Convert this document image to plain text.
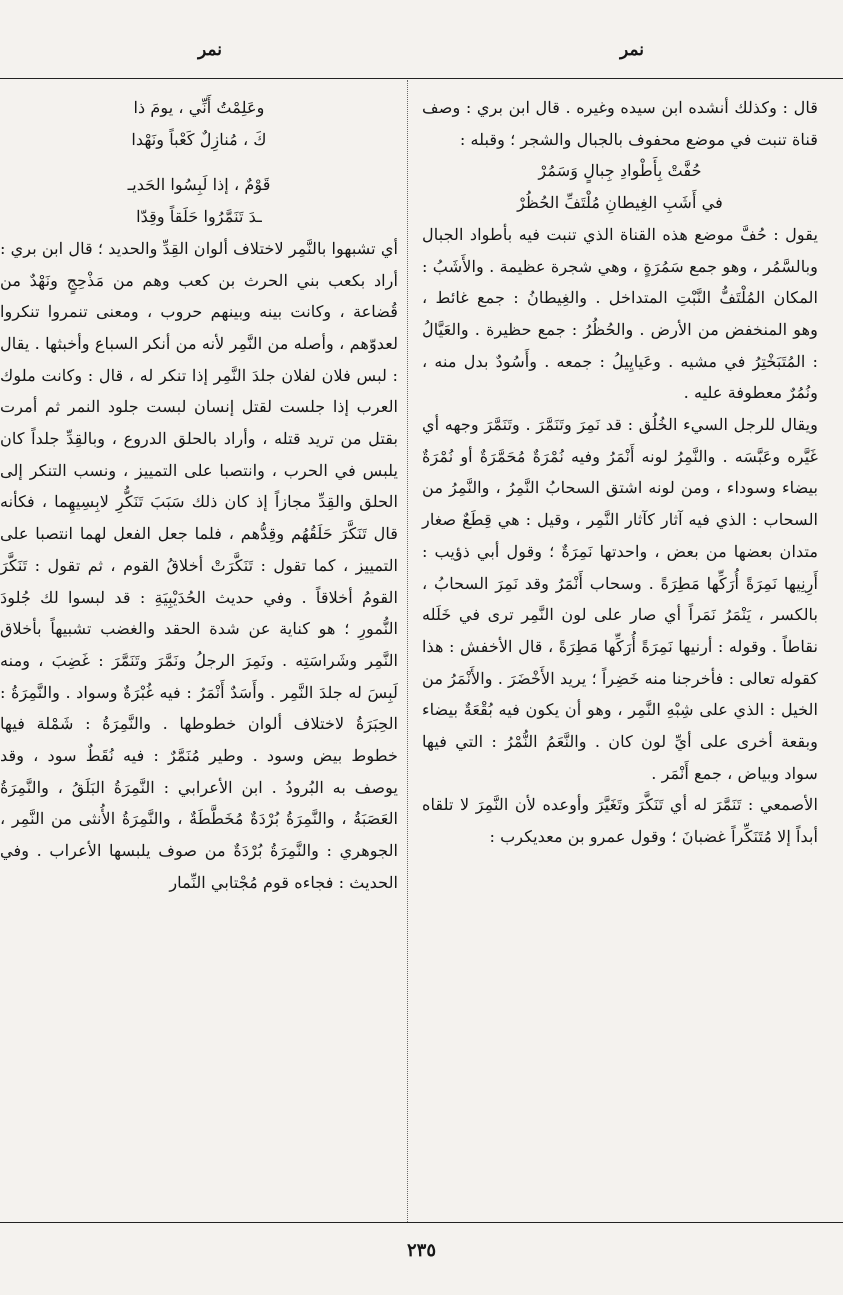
نمر	نمر

قال : وكذلك أنشده ابن سيده وغيره . قال ابن بري : وصف قناة تنبت في موضع محفوف بالجبال والشجر ؛ وقبله :

حُفَّتْ بِأَطْوادِ جِبالٍ وَسَمُرْ

في أَشَبِ الغِيطانِ مُلْتَفِّ الحُظُرْ

يقول : حُفَّ موضع هذه القناة الذي تنبت فيه بأطواد الجبال وبالسَّمُر ، وهو جمع سَمُرَةٍ ، وهي شجرة عظيمة . والأَشَبُ : المكان المُلْتَفُّ النَّبْتِ المتداخل . والغِيطانُ : جمع غائط ، وهو المنخفض من الأرض . والحُظُرُ : جمع حظيرة . والعَيَّالُ : المُتَبَخْتِرُ في مشيه . وعَيايِيلُ : جمعه . وأَسُودٌ بدل منه ، ونُمُرٌ معطوفة عليه .

ويقال للرجل السيء الخُلُق : قد نَمِرَ وتَنَمَّرَ . وتَنَمَّرَ وجهه أي غَيَّره وعَبَّسَه . والنَّمِرُ لونه أَنْمَرُ وفيه نُمْرَةٌ مُحَمَّرَةٌ أو نُمْرَةٌ بيضاء وسوداء ، ومن لونه اشتق السحابُ النَّمِرُ ، والنَّمِرُ من السحاب : الذي فيه آثار كآثار النَّمِر ، وقيل : هي قِطَعٌ صغار متدان بعضها من بعض ، واحدتها نَمِرَةٌ ؛ وقول أبي ذؤيب : أَرِنِيها نَمِرَةً أُرَكِّها مَطِرَةً . وسحاب أَنْمَرُ وقد نَمِرَ السحابُ ، بالكسر ، يَنْمَرُ نَمَراً أي صار على لون النَّمِر ترى في خَلَله نقاطاً . وقوله : أرنيها نَمِرَةً أُرَكِّها مَطِرَةً ، قال الأخفش : هذا كقوله تعالى : فأخرجنا منه خَضِراً ؛ يريد الأَخْضَرَ . والأَنْمَرُ من الخيل : الذي على شِبْهِ النَّمِر ، وهو أن يكون فيه بُقْعَةٌ بيضاء وبقعة أخرى على أيِّ لون كان . والنَّعَمُ النُّمْرُ : التي فيها سواد وبياض ، جمع أَنْمَر .

الأصمعي : تَنَمَّرَ له أي تَنَكَّرَ وتَغَيَّرَ وأوعده لأن النَّمِرَ لا تلقاه أبداً إلا مُتَنَكِّراً غضبانَ ؛ وقول عمرو بن معديكرب :

وعَلِمْتُ أَنِّي ، يومَ ذا

كَ ، مُنازِلٌ كَعْباً ونَهْدا

قَوْمٌ ، إذا لَبِسُوا الحَديـ

ـدَ تَنَمَّرُوا حَلَقاً وقِدّا

أي تشبهوا بالنَّمِر لاختلاف ألوان القِدِّ والحديد ؛ قال ابن بري : أراد بكعب بني الحرث بن كعب وهم من مَذْحِجٍ ونَهْدٌ من قُضاعة ، وكانت بينه وبينهم حروب ، ومعنى تنمروا تنكروا لعدوّهم ، وأصله من النَّمِر لأنه من أنكر السباع وأخبثها . يقال : لبس فلان لفلان جلدَ النَّمِر إذا تنكر له ، قال : وكانت ملوك العرب إذا جلست لقتل إنسان لبست جلود النمر ثم أمرت بقتل من تريد قتله ، وأراد بالحلق الدروع ، وبالقِدِّ جلداً كان يلبس في الحرب ، وانتصبا على التمييز ، ونسب التنكر إلى الحلق والقِدِّ مجازاً إذ كان ذلك سَبَبَ تَنَكُّرِ لابِسِيهِما ، فكأنه قال تَنَكَّرَ حَلَقُهُم وقِدُّهم ، فلما جعل الفعل لهما انتصبا على التمييز ، كما تقول : تَنَكَّرَتْ أخلاقُ القوم ، ثم تقول : تَنَكَّرَ القومُ أخلاقاً . وفي حديث الحُدَيْبِيَةِ : قد لبسوا لك جُلودَ النُّمورِ ؛ هو كناية عن شدة الحقد والغضب تشبيهاً بأخلاق النَّمِر وشَراسَتِه . ونَمِرَ الرجلُ ونَمَّرَ وتَنَمَّرَ : غَضِبَ ، ومنه لَبِسَ له جلدَ النَّمِر . وأَسَدٌ أَنْمَرُ : فيه غُبْرَةٌ وسواد . والنَّمِرَةُ : الحِبَرَةُ لاختلاف ألوان خطوطها . والنَّمِرَةُ : شَمْلة فيها خطوط بيض وسود . وطير مُنَمَّرٌ : فيه نُقَطٌ سود ، وقد يوصف به البُرودُ . ابن الأعرابي : النَّمِرَةُ البَلَقُ ، والنَّمِرَةُ العَصَبَةُ ، والنَّمِرَةُ بُرْدَةٌ مُخَطَّطَةٌ ، والنَّمِرَةُ الأُنثى من النَّمِر ، الجوهري : والنَّمِرَةُ بُرْدَةٌ من صوف يلبسها الأعراب . وفي الحديث : فجاءه قوم مُجْتابي النِّمار

٢٣٥
